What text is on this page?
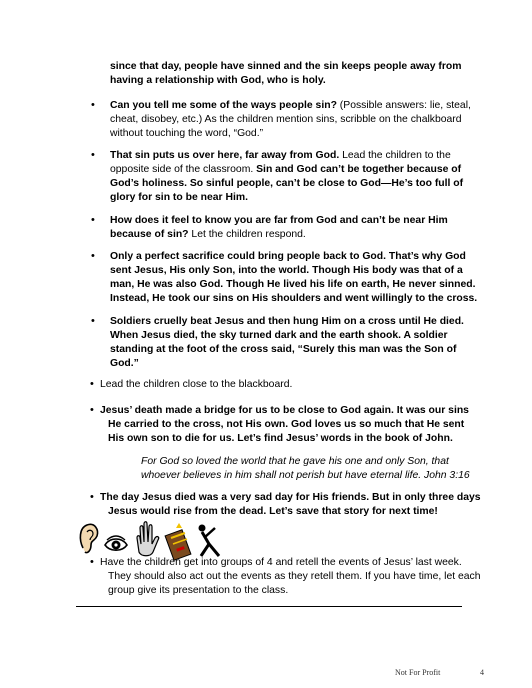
since that day, people have sinned and the sin keeps people away from

having a relationship with God, who is holy.

• Can you tell me some of the ways people sin? (Possible answers: lie, steal,

cheat, disobey, etc.) As the children mention sins, scribble on the chalkboard

without touching the word, “God.”

• That sin puts us over here, far away from God. Lead the children to the

opposite side of the classroom. Sin and God can’t be together because of

God’s holiness. So sinful people, can’t be close to God—He’s too full of

glory for sin to be near Him.

• How does it feel to know you are far from God and can’t be near Him

because of sin? Let the children respond.

• Only a perfect sacrifice could bring people back to God. That’s why God

sent Jesus, His only Son, into the world. Though His body was that of a

man, He was also God. Though He lived his life on earth, He never sinned.

Instead, He took our sins on His shoulders and went willingly to the cross.

• Soldiers cruelly beat Jesus and then hung Him on a cross until He died.

When Jesus died, the sky turned dark and the earth shook. A soldier

standing at the foot of the cross said, “Surely this man was the Son of

God.”

• Lead the children close to the blackboard.

• Jesus’ death made a bridge for us to be close to God again. It was our sins

He carried to the cross, not His own. God loves us so much that He sent

His own son to die for us. Let’s find Jesus’ words in the book of John.

For God so loved the world that he gave his one and only Son, that

whoever believes in him shall not perish but have eternal life. John 3:16

• The day Jesus died was a very sad day for His friends. But in only three days

Jesus would rise from the dead. Let’s save that story for next time!

• Have the children get into groups of 4 and retell the events of Jesus’ last week.

They should also act out the events as they retell them. If you have time, let each

group give its presentation to the class.

Not For Profit	4
